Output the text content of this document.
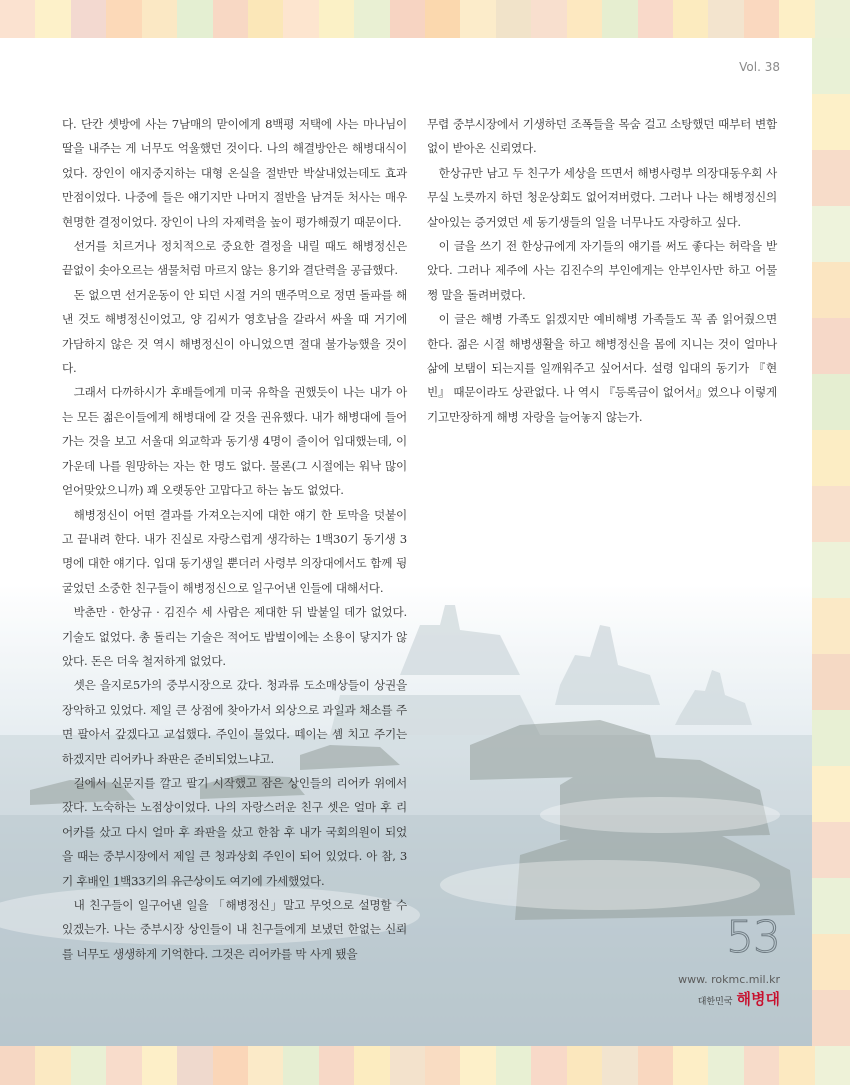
Vol. 38

다. 단칸 셋방에 사는 7남매의 맏이에게 8백평 저택에 사는 마나님이 딸을 내주는 게 너무도 억울했던 것이다. 나의 해결방안은 해병대식이었다. 장인이 애지중지하는 대형 온실을 절반만 박살내었는데도 효과만점이었다. 나중에 들은 얘기지만 나머지 절반을 남겨둔 처사는 매우 현명한 결정이었다. 장인이 나의 자제력을 높이 평가해줬기 때문이다.

선거를 치르거나 정치적으로 중요한 결정을 내릴 때도 해병정신은 끝없이 솟아오르는 샘물처럼 마르지 않는 용기와 결단력을 공급했다.

돈 없으면 선거운동이 안 되던 시절 거의 맨주먹으로 정면 돌파를 해낸 것도 해병정신이었고, 양 김씨가 영호남을 갈라서 싸울 때 거기에 가담하지 않은 것 역시 해병정신이 아니었으면 절대 불가능했을 것이다.

그래서 다까하시가 후배들에게 미국 유학을 권했듯이 나는 내가 아는 모든 젊은이들에게 해병대에 갈 것을 권유했다. 내가 해병대에 들어가는 것을 보고 서울대 외교학과 동기생 4명이 줄이어 입대했는데, 이 가운데 나를 원망하는 자는 한 명도 없다. 물론(그 시절에는 워낙 많이 얻어맞았으니까) 꽤 오랫동안 고맙다고 하는 놈도 없었다.

해병정신이 어떤 결과를 가져오는지에 대한 얘기 한 토막을 덧붙이고 끝내려 한다. 내가 진실로 자랑스럽게 생각하는 1백30기 동기생 3명에 대한 얘기다. 입대 동기생일 뿐더러 사령부 의장대에서도 함께 뒹굴었던 소중한 친구들이 해병정신으로 일구어낸 인들에 대해서다.

박춘만 · 한상규 · 김진수 세 사람은 제대한 뒤 발붙일 데가 없었다. 기술도 없었다. 총 돌리는 기술은 적어도 밥벌이에는 소용이 닿지가 않았다. 돈은 더욱 철저하게 없었다.

셋은 을지로5가의 중부시장으로 갔다. 청과류 도소매상들이 상권을 장악하고 있었다. 제일 큰 상점에 찾아가서 외상으로 과일과 채소를 주면 팔아서 갚겠다고 교섭했다. 주인이 물었다. 떼이는 셈 치고 주기는 하겠지만 리어카나 좌판은 준비되었느냐고.

길에서 신문지를 깔고 팔기 시작했고 잠은 상인들의 리어카 위에서 잤다. 노숙하는 노점상이었다. 나의 자랑스러운 친구 셋은 얼마 후 리어카를 샀고 다시 얼마 후 좌판을 샀고 한참 후 내가 국회의원이 되었을 때는 중부시장에서 제일 큰 청과상회 주인이 되어 있었다. 아 참, 3기 후배인 1백33기의 유근상이도 여기에 가세했었다.

내 친구들이 일구어낸 일을 「해병정신」말고 무엇으로 설명할 수 있겠는가. 나는 중부시장 상인들이 내 친구들에게 보냈던 한없는 신뢰를 너무도 생생하게 기억한다. 그것은 리어카를 막 사게 됐을

무렵 중부시장에서 기생하던 조폭들을 목숨 걸고 소탕했던 때부터 변함없이 받아온 신뢰였다.

한상규만 남고 두 친구가 세상을 뜨면서 해병사령부 의장대동우회 사무실 노릇까지 하던 청운상회도 없어져버렸다. 그러나 나는 해병정신의 살아있는 증거였던 세 동기생들의 일을 너무나도 자랑하고 싶다.

이 글을 쓰기 전 한상규에게 자기들의 얘기를 써도 좋다는 허락을 받았다. 그러나 제주에 사는 김진수의 부인에게는 안부인사만 하고 어물쩡 말을 돌려버렸다.

이 글은 해병 가족도 읽겠지만 예비해병 가족들도 꼭 좀 읽어줬으면 한다. 젊은 시절 해병생활을 하고 해병정신을 몸에 지니는 것이 얼마나 삶에 보탬이 되는지를 일깨워주고 싶어서다. 설령 입대의 동기가 『현빈』 때문이라도 상관없다. 나 역시 『등록금이 없어서』였으나 이렇게 기고만장하게 해병 자랑을 늘어놓지 않는가.

53
www. rokmc.mil.kr
대한민국 해병대
